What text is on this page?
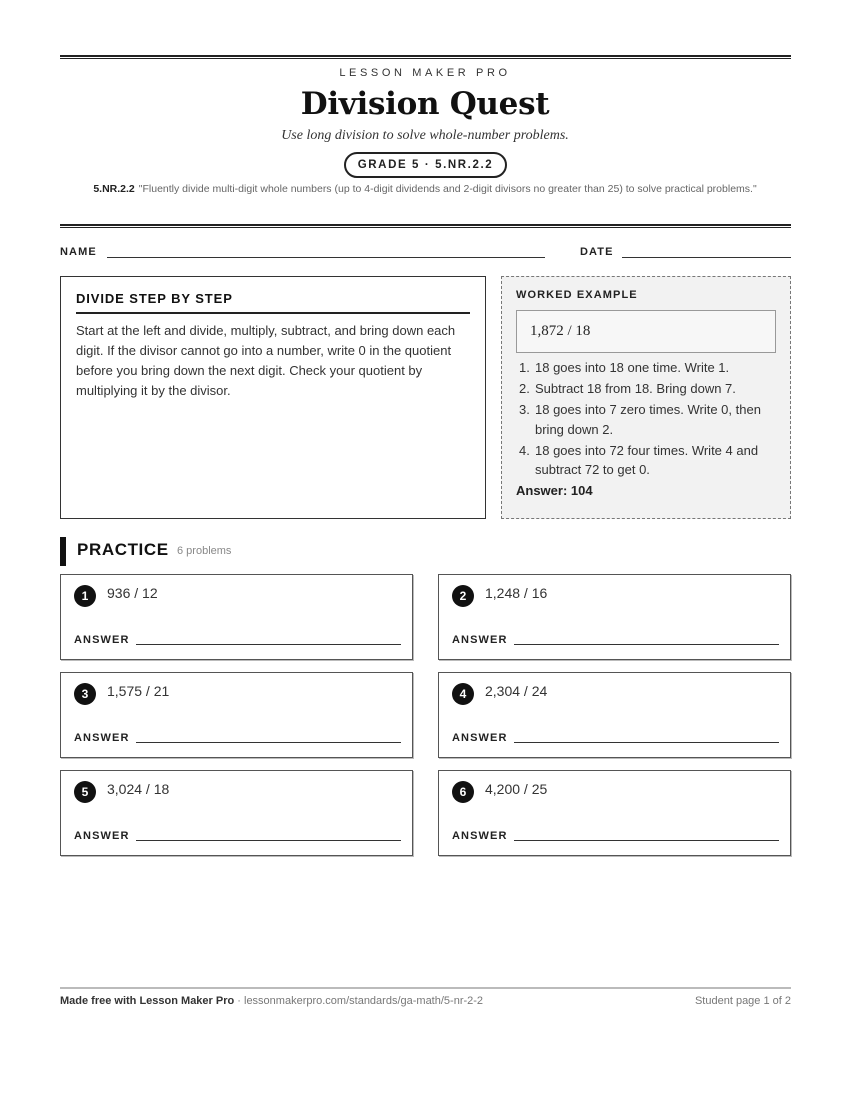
LESSON MAKER PRO
Division Quest
Use long division to solve whole-number problems.
GRADE 5 · 5.NR.2.2
5.NR.2.2 "Fluently divide multi-digit whole numbers (up to 4-digit dividends and 2-digit divisors no greater than 25) to solve practical problems."
NAME	DATE
DIVIDE STEP BY STEP
Start at the left and divide, multiply, subtract, and bring down each digit. If the divisor cannot go into a number, write 0 in the quotient before you bring down the next digit. Check your quotient by multiplying it by the divisor.
WORKED EXAMPLE
1,872 / 18
1. 18 goes into 18 one time. Write 1.
2. Subtract 18 from 18. Bring down 7.
3. 18 goes into 7 zero times. Write 0, then bring down 2.
4. 18 goes into 72 four times. Write 4 and subtract 72 to get 0.
Answer: 104
PRACTICE 6 problems
1	936 / 12
ANSWER
2	1,248 / 16
ANSWER
3	1,575 / 21
ANSWER
4	2,304 / 24
ANSWER
5	3,024 / 18
ANSWER
6	4,200 / 25
ANSWER
Made free with Lesson Maker Pro · lessonmakerpro.com/standards/ga-math/5-nr-2-2	Student page 1 of 2
